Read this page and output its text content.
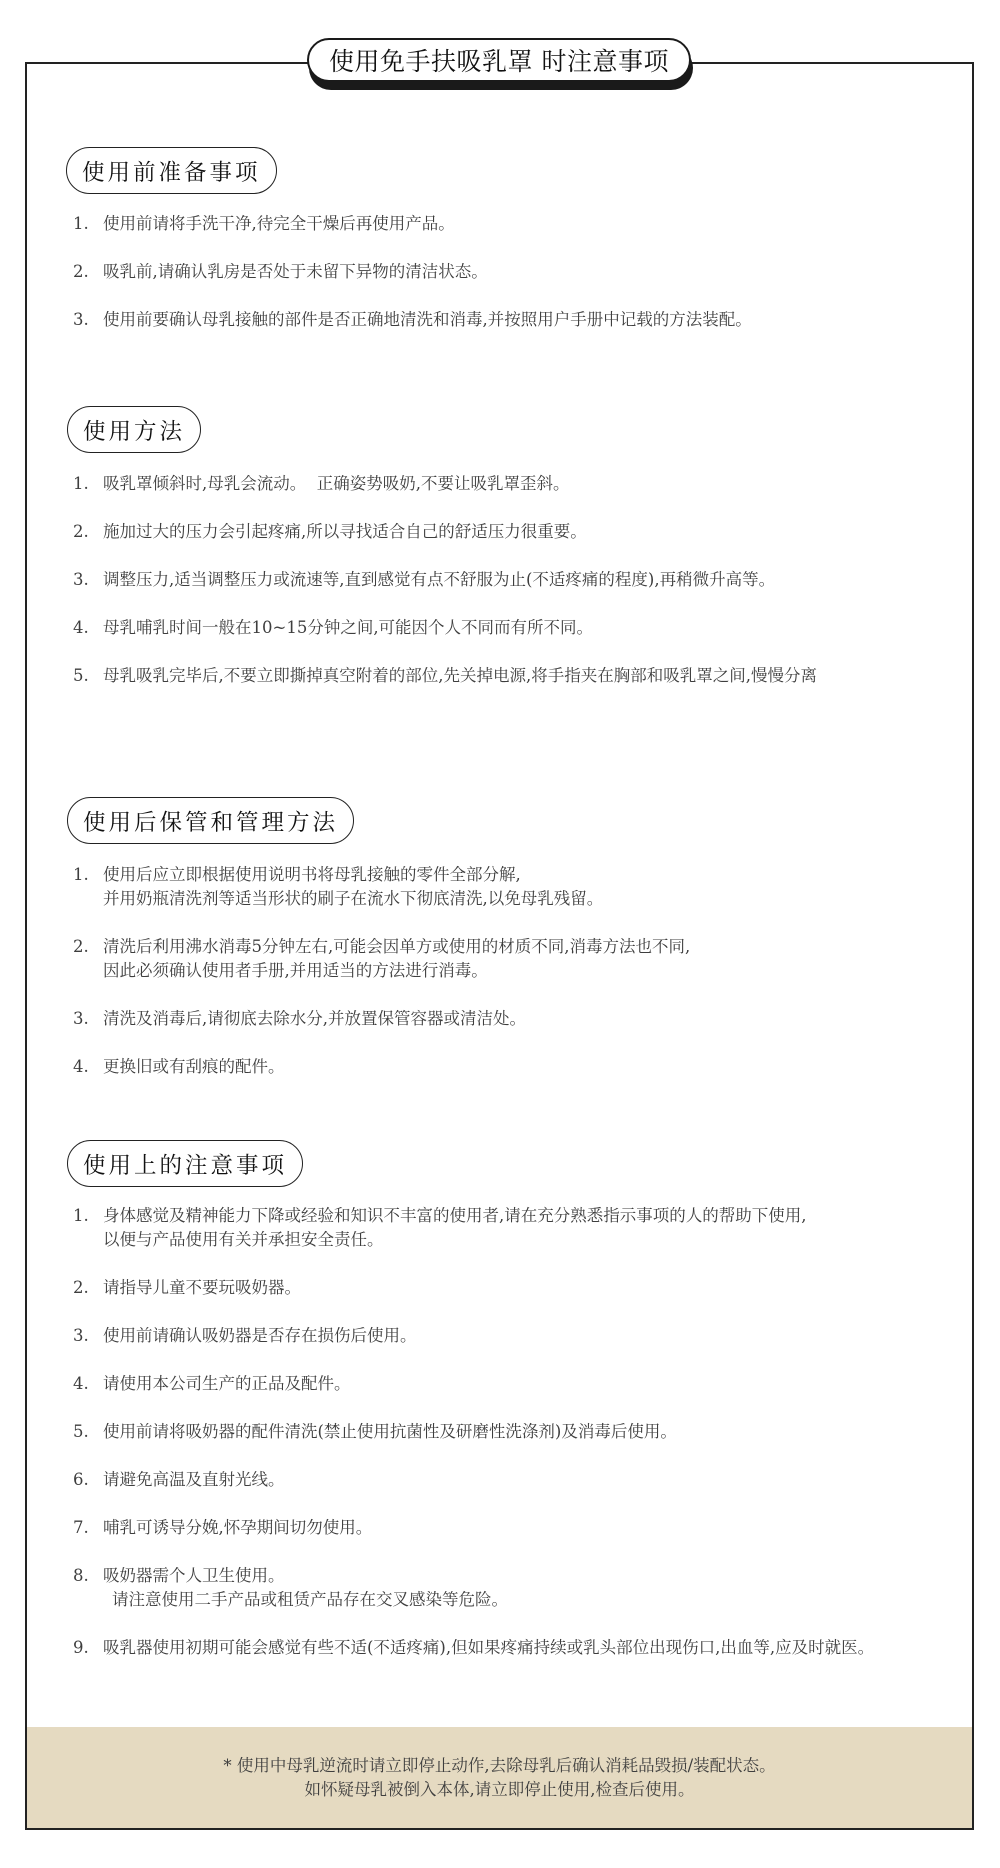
使用免手扶吸乳罩 时注意事项
使用前准备事项
1. 使用前请将手洗干净,待完全干燥后再使用产品。
2. 吸乳前,请确认乳房是否处于未留下异物的清洁状态。
3. 使用前要确认母乳接触的部件是否正确地清洗和消毒,并按照用户手册中记载的方法装配。
使用方法
1. 吸乳罩倾斜时,母乳会流动。  正确姿势吸奶,不要让吸乳罩歪斜。
2. 施加过大的压力会引起疼痛,所以寻找适合自己的舒适压力很重要。
3. 调整压力,适当调整压力或流速等,直到感觉有点不舒服为止(不适疼痛的程度),再稍微升高等。
4. 母乳哺乳时间一般在10~15分钟之间,可能因个人不同而有所不同。
5. 母乳吸乳完毕后,不要立即撕掉真空附着的部位,先关掉电源,将手指夹在胸部和吸乳罩之间,慢慢分离
使用后保管和管理方法
1. 使用后应立即根据使用说明书将母乳接触的零件全部分解,
并用奶瓶清洗剂等适当形状的刷子在流水下彻底清洗,以免母乳残留。
2. 清洗后利用沸水消毒5分钟左右,可能会因单方或使用的材质不同,消毒方法也不同,
因此必须确认使用者手册,并用适当的方法进行消毒。
3. 清洗及消毒后,请彻底去除水分,并放置保管容器或清洁处。
4. 更换旧或有刮痕的配件。
使用上的注意事项
1. 身体感觉及精神能力下降或经验和知识不丰富的使用者,请在充分熟悉指示事项的人的帮助下使用,
以便与产品使用有关并承担安全责任。
2. 请指导儿童不要玩吸奶器。
3. 使用前请确认吸奶器是否存在损伤后使用。
4. 请使用本公司生产的正品及配件。
5. 使用前请将吸奶器的配件清洗(禁止使用抗菌性及研磨性洗涤剂)及消毒后使用。
6. 请避免高温及直射光线。
7. 哺乳可诱导分娩,怀孕期间切勿使用。
8. 吸奶器需个人卫生使用。
请注意使用二手产品或租赁产品存在交叉感染等危险。
9. 吸乳器使用初期可能会感觉有些不适(不适疼痛),但如果疼痛持续或乳头部位出现伤口,出血等,应及时就医。
* 使用中母乳逆流时请立即停止动作,去除母乳后确认消耗品毁损/装配状态。
如怀疑母乳被倒入本体,请立即停止使用,检查后使用。
